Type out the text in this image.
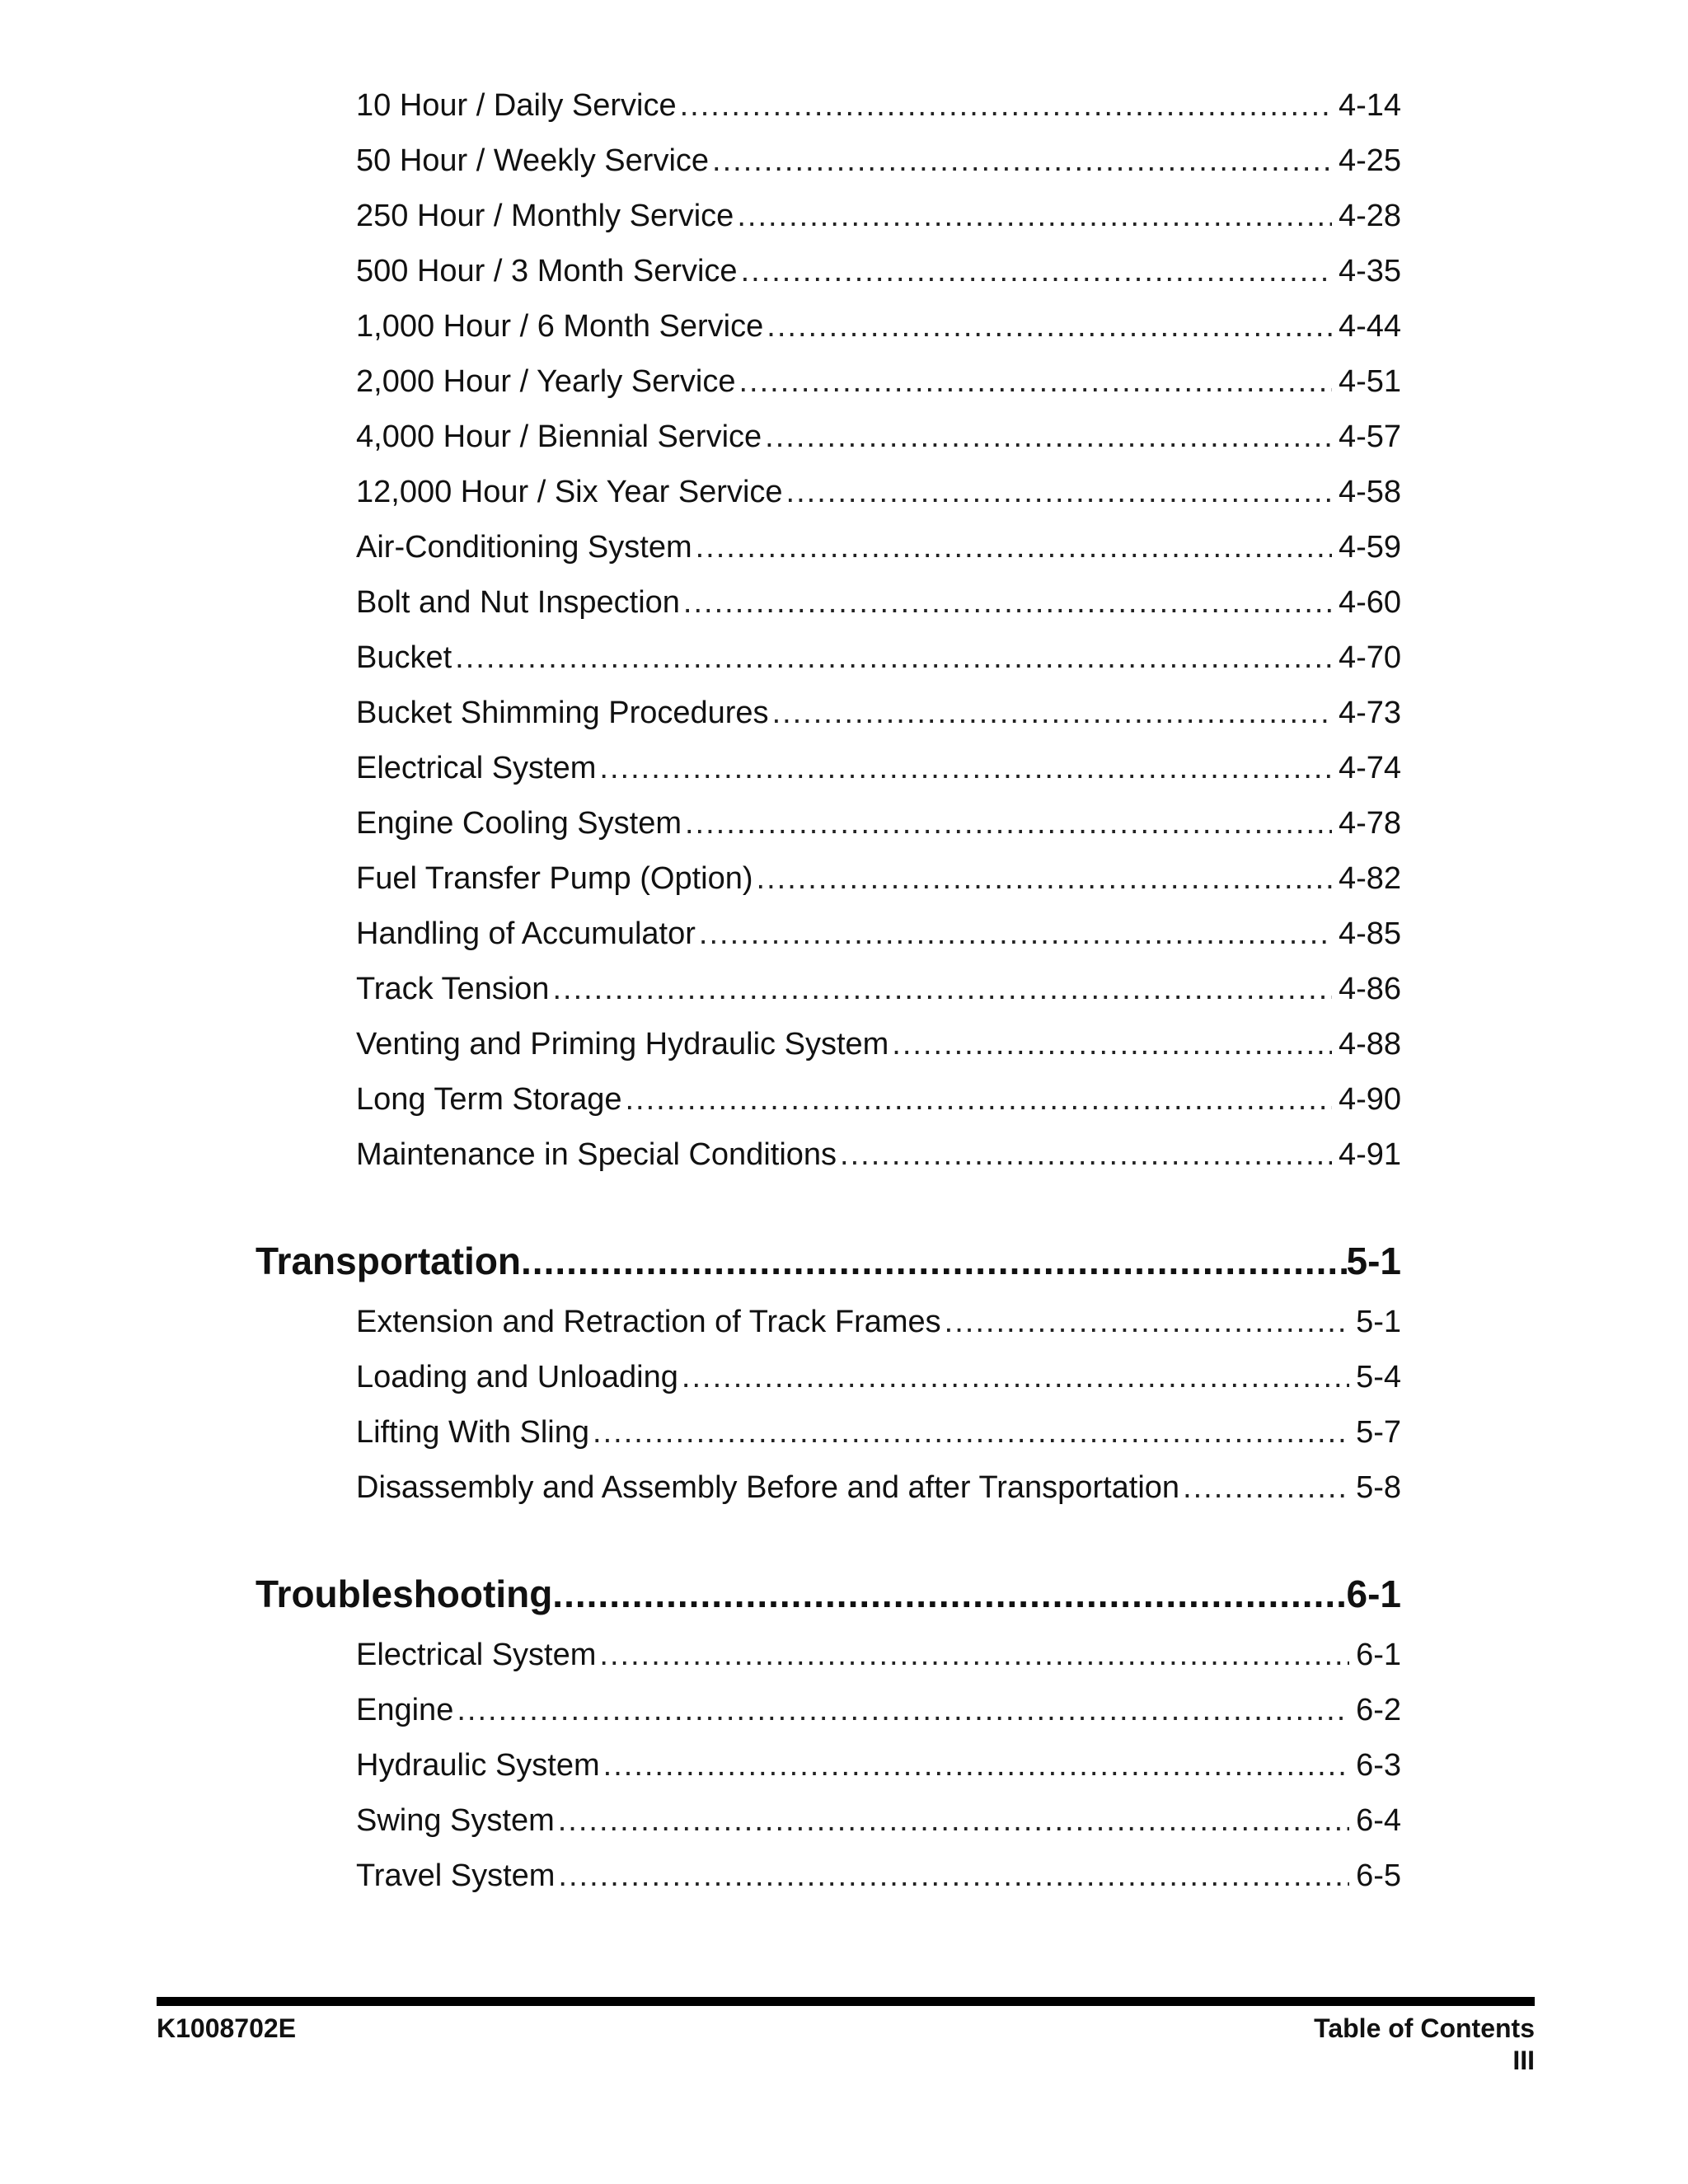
10 Hour / Daily Service .....	4-14
50 Hour / Weekly Service .....	4-25
250 Hour / Monthly Service .....	4-28
500 Hour / 3 Month Service .....	4-35
1,000 Hour / 6 Month Service .....	4-44
2,000 Hour / Yearly Service .....	4-51
4,000 Hour / Biennial Service .....	4-57
12,000 Hour / Six Year Service .....	4-58
Air-Conditioning System .....	4-59
Bolt and Nut Inspection .....	4-60
Bucket .....	4-70
Bucket Shimming Procedures .....	4-73
Electrical System .....	4-74
Engine Cooling System .....	4-78
Fuel Transfer Pump (Option) .....	4-82
Handling of Accumulator .....	4-85
Track Tension .....	4-86
Venting and Priming Hydraulic System .....	4-88
Long Term Storage .....	4-90
Maintenance in Special Conditions .....	4-91
Transportation .....	5-1
Extension and Retraction of Track Frames .....	5-1
Loading and Unloading .....	5-4
Lifting With Sling .....	5-7
Disassembly and Assembly Before and after Transportation .....	5-8
Troubleshooting .....	6-1
Electrical System .....	6-1
Engine .....	6-2
Hydraulic System .....	6-3
Swing System .....	6-4
Travel System .....	6-5
K1008702E	Table of Contents
III
